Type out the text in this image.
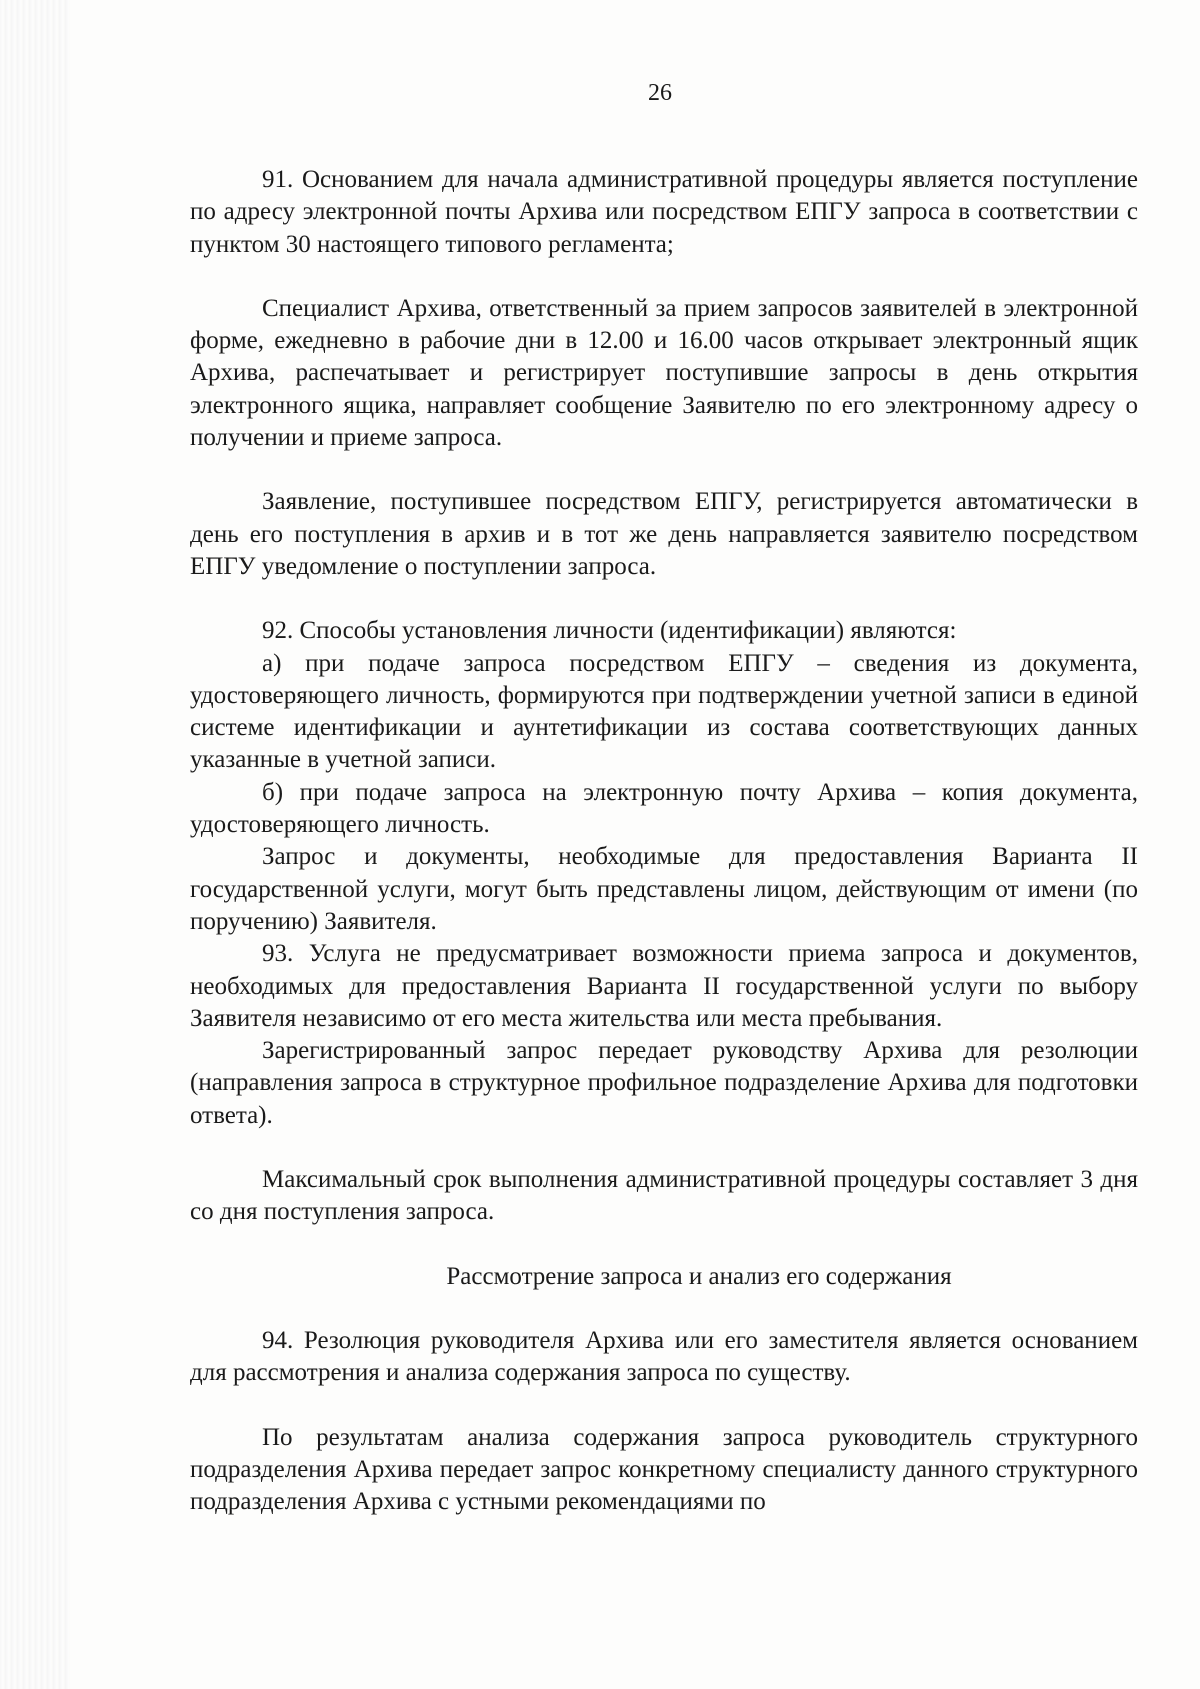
26

91. Основанием для начала административной процедуры является поступление по адресу электронной почты Архива или посредством ЕПГУ запроса в соответствии с пунктом 30 настоящего типового регламента;

Специалист Архива, ответственный за прием запросов заявителей в электронной форме, ежедневно в рабочие дни в 12.00 и 16.00 часов открывает электронный ящик Архива, распечатывает и регистрирует поступившие запросы в день открытия электронного ящика, направляет сообщение Заявителю по его электронному адресу о получении и приеме запроса.

Заявление, поступившее посредством ЕПГУ, регистрируется автоматически в день его поступления в архив и в тот же день направляется заявителю посредством ЕПГУ уведомление о поступлении запроса.

92. Способы установления личности (идентификации) являются:

а) при подаче запроса посредством ЕПГУ – сведения из документа, удостоверяющего личность, формируются при подтверждении учетной записи в единой системе идентификации и аунтетификации из состава соответствующих данных указанные в учетной записи.

б) при подаче запроса на электронную почту Архива – копия документа, удостоверяющего личность.

Запрос и документы, необходимые для предоставления Варианта II государственной услуги, могут быть представлены лицом, действующим от имени (по поручению) Заявителя.

93. Услуга не предусматривает возможности приема запроса и документов, необходимых для предоставления Варианта II государственной услуги по выбору Заявителя независимо от его места жительства или места пребывания.

Зарегистрированный запрос передает руководству Архива для резолюции (направления запроса в структурное профильное подразделение Архива для подготовки ответа).

Максимальный срок выполнения административной процедуры составляет 3 дня со дня поступления запроса.

Рассмотрение запроса и анализ его содержания

94. Резолюция руководителя Архива или его заместителя является основанием для рассмотрения и анализа содержания запроса по существу.

По результатам анализа содержания запроса руководитель структурного подразделения Архива передает запрос конкретному специалисту данного структурного подразделения Архива с устными рекомендациями по
